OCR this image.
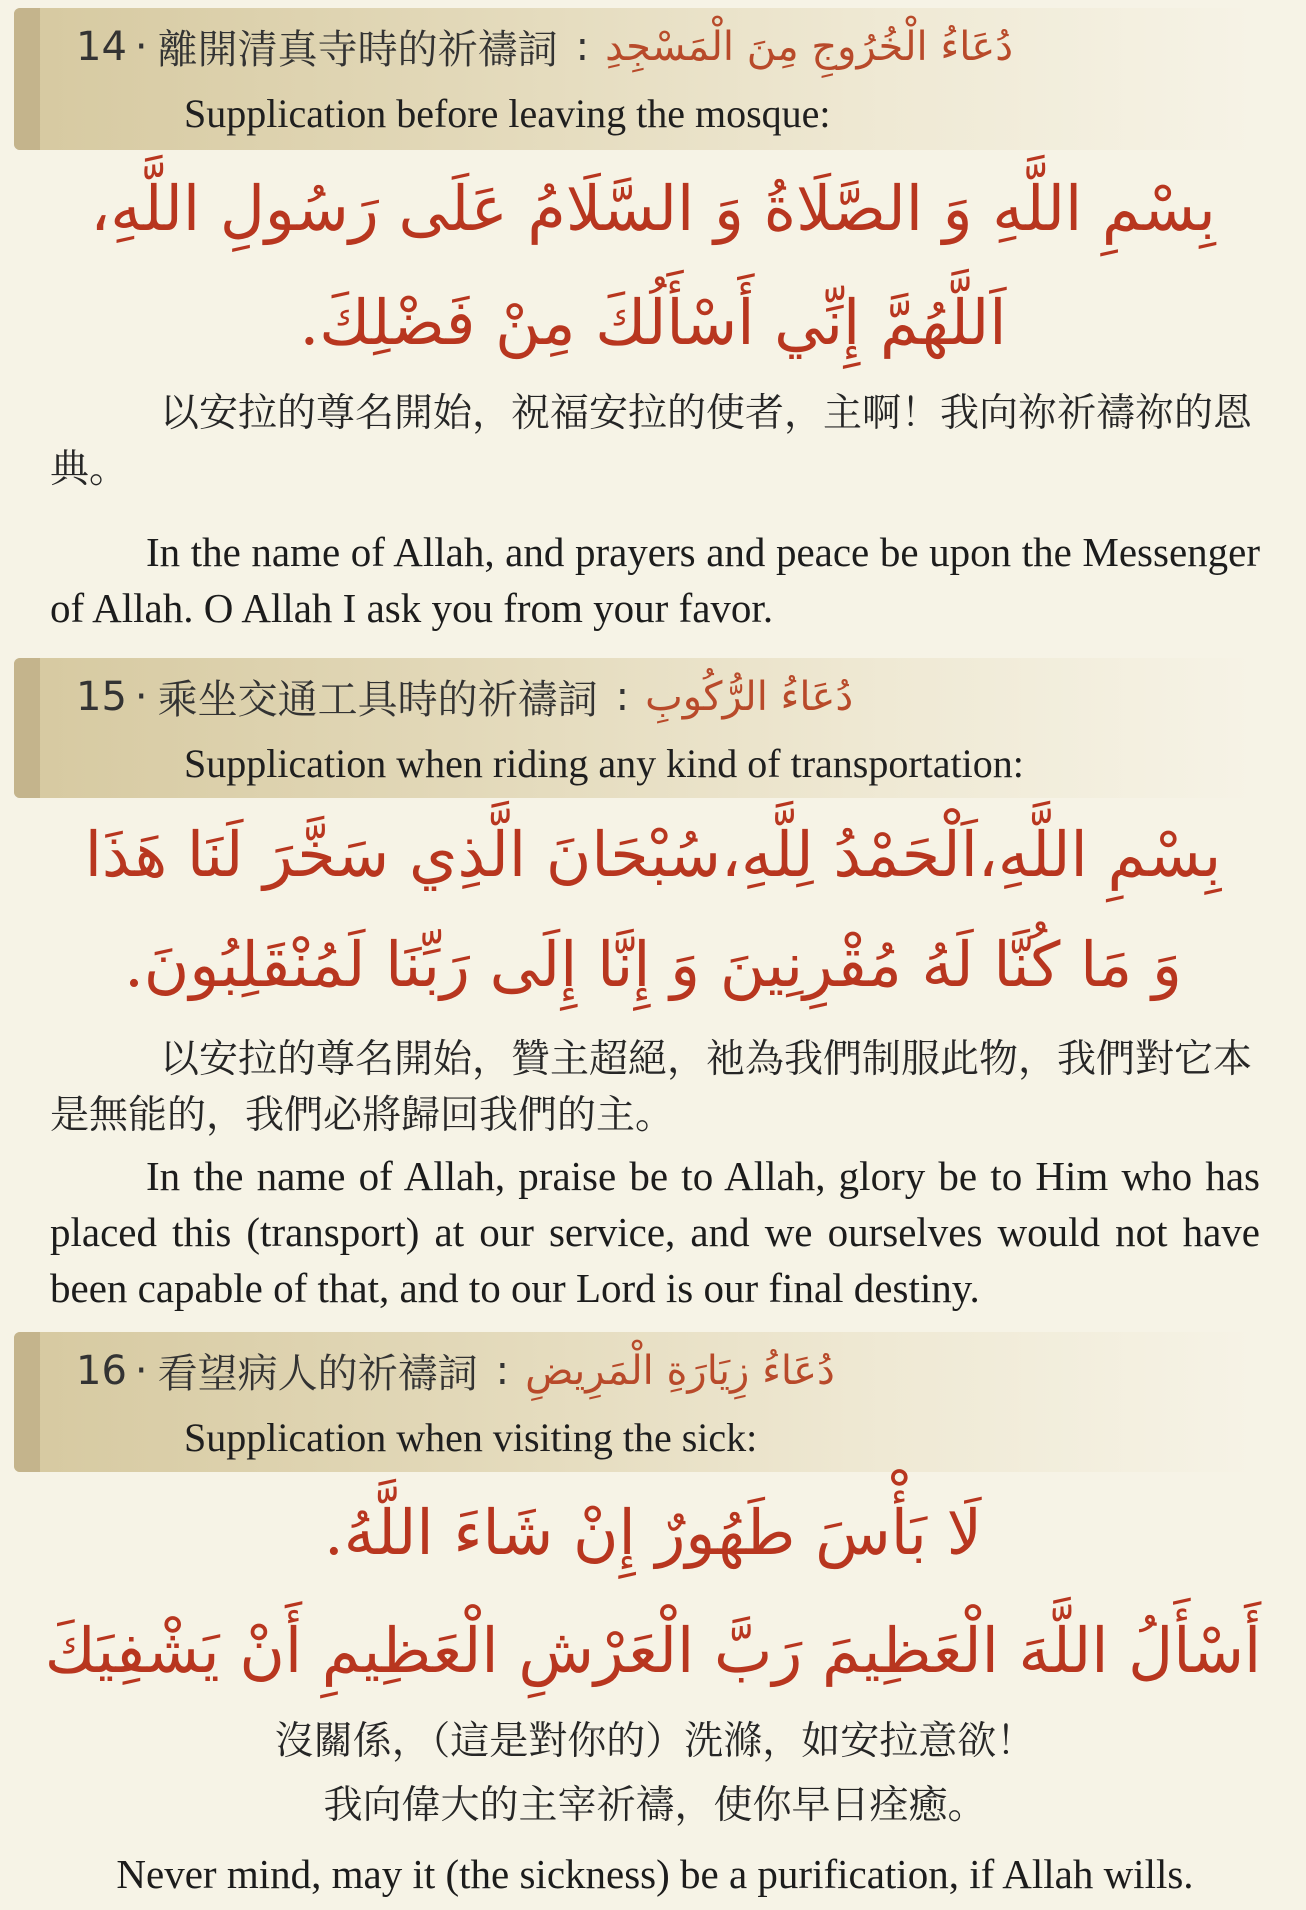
14 · 離開清真寺時的祈禱詞 : دُعَاءُ الْخُرُوجِ مِنَ الْمَسْجِدِ
Supplication before leaving the mosque:
بِسْمِ اللَّهِ وَ الصَّلَاةُ وَ السَّلَامُ عَلَى رَسُولِ اللَّهِ،
اَللَّهُمَّ إِنِّي أَسْأَلُكَ مِنْ فَضْلِكَ.
以安拉的尊名開始，祝福安拉的使者，主啊！我向祢祈禱祢的恩典。
In the name of Allah, and prayers and peace be upon the Messenger of Allah. O Allah I ask you from your favor.
15 · 乘坐交通工具時的祈禱詞 : دُعَاءُ الرُّكُوبِ
Supplication when riding any kind of transportation:
بِسْمِ اللَّهِ،اَلْحَمْدُ لِلَّهِ،سُبْحَانَ الَّذِي سَخَّرَ لَنَا هَذَا
وَ مَا كُنَّا لَهُ مُقْرِنِينَ وَ إِنَّا إِلَى رَبِّنَا لَمُنْقَلِبُونَ.
以安拉的尊名開始，贊主超絕，祂為我們制服此物，我們對它本是無能的，我們必將歸回我們的主。
In the name of Allah, praise be to Allah, glory be to Him who has placed this (transport) at our service, and we ourselves would not have been capable of that, and to our Lord is our final destiny.
16 · 看望病人的祈禱詞 : دُعَاءُ زِيَارَةِ الْمَرِيضِ
Supplication when visiting the sick:
لَا بَأْسَ طَهُورٌ إِنْ شَاءَ اللَّهُ.
أَسْأَلُ اللَّهَ الْعَظِيمَ رَبَّ الْعَرْشِ الْعَظِيمِ أَنْ يَشْفِيَكَ
沒關係，（這是對你的）洗滌，如安拉意欲！
我向偉大的主宰祈禱，使你早日痊癒。
Never mind, may it (the sickness) be a purification, if Allah wills.
